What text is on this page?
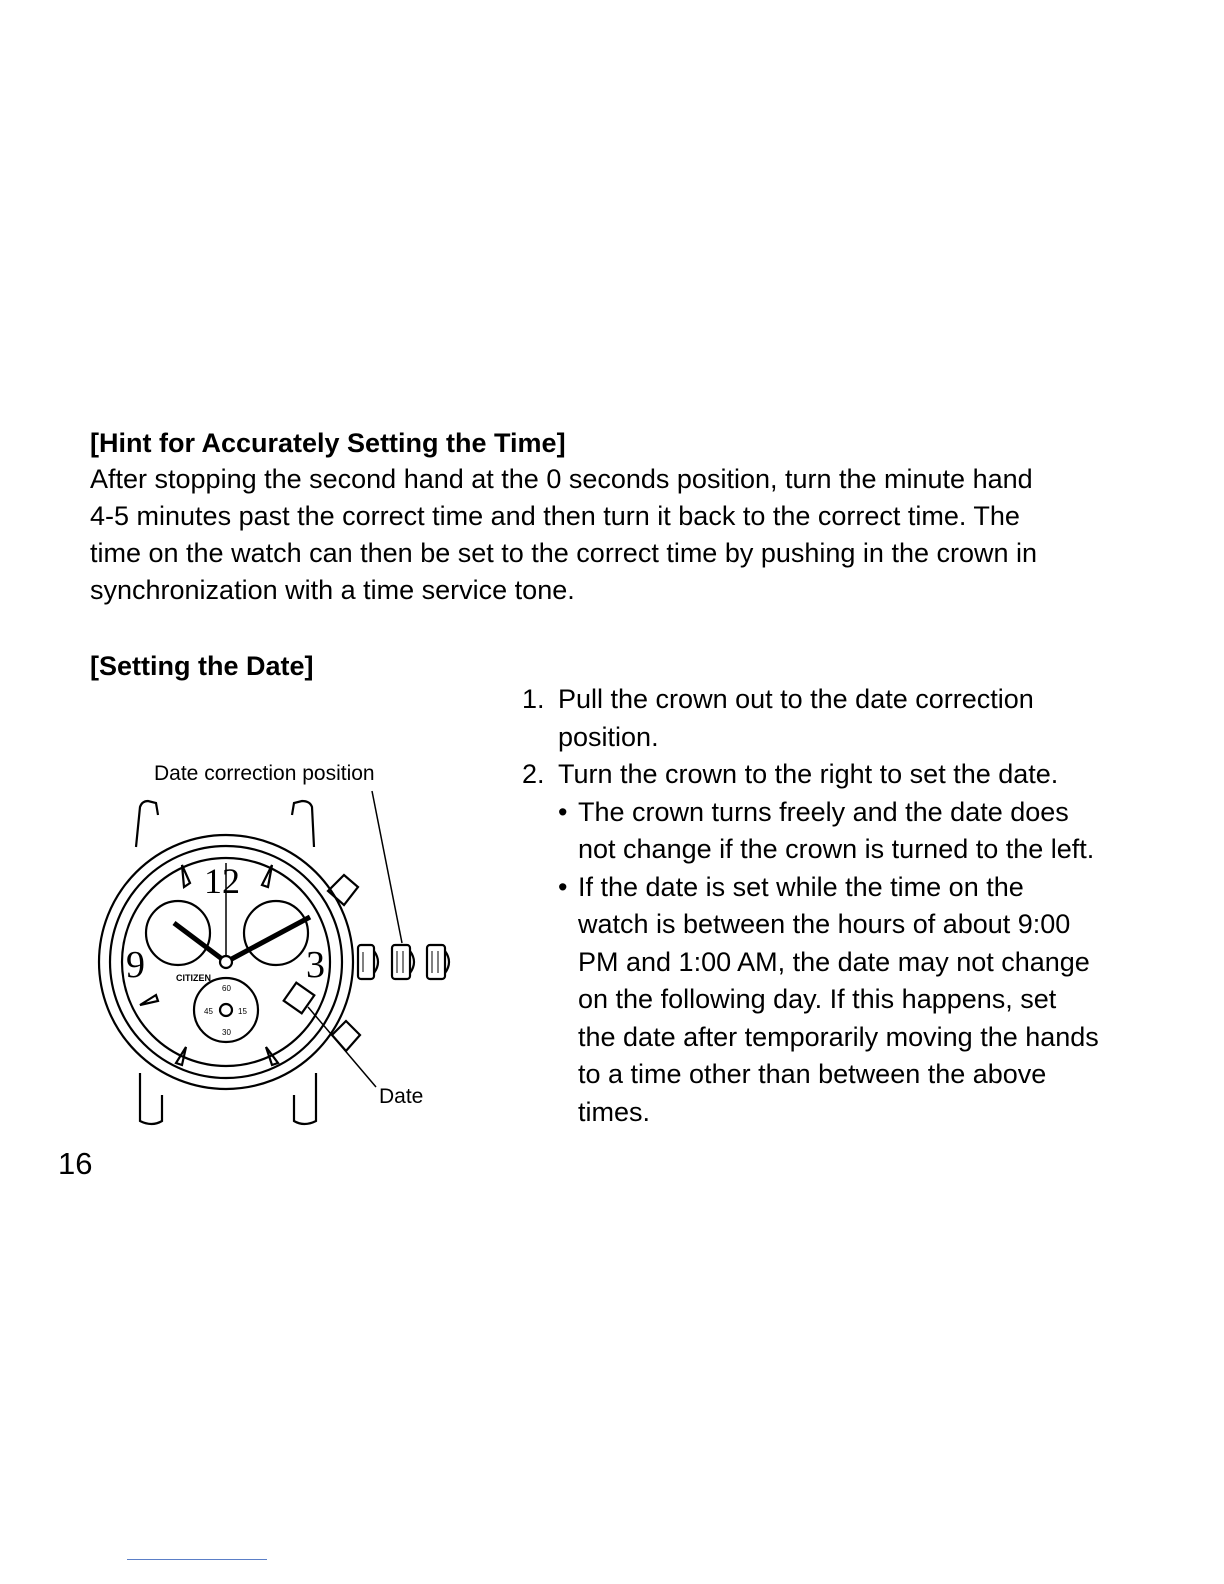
[Hint for Accurately Setting the Time]
After stopping the second hand at the 0 seconds position, turn the minute hand
4-5 minutes past the correct time and then turn it back to the correct time. The
time on the watch can then be set to the correct time by pushing in the crown in
synchronization with a time service tone.
[Setting the Date]
1. Pull the crown out to the date correction
position.
2. Turn the crown to the right to set the date.
• The crown turns freely and the date does
not change if the crown is turned to the left.
• If the date is set while the time on the
watch is between the hours of about 9:00
PM and 1:00 AM, the date may not change
on the following day. If this happens, set
the date after temporarily moving the hands
to a time other than between the above
times.
12
3
9	CITIZEN
60
15
30
45
Date correction position
Date
16
